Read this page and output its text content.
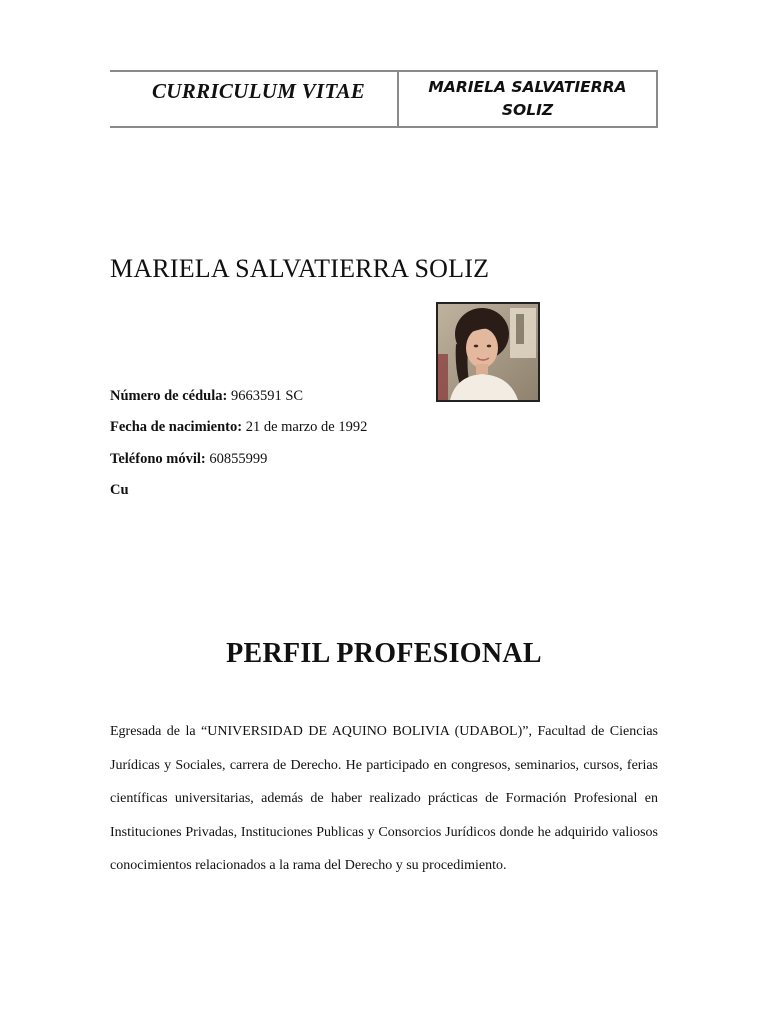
CURRICULUM VITAE	MARIELA SALVATIERRA SOLIZ
MARIELA SALVATIERRA SOLIZ
Número de cédula: 9663591 SC
Fecha de nacimiento: 21 de marzo de 1992
Teléfono móvil: 60855999
Cu
PERFIL PROFESIONAL

Egresada de la “UNIVERSIDAD DE AQUINO BOLIVIA (UDABOL)”, Facultad de Ciencias Jurídicas y Sociales, carrera de Derecho. He participado en congresos, seminarios, cursos, ferias científicas universitarias, además de haber realizado prácticas de Formación Profesional en Instituciones Privadas, Instituciones Publicas y Consorcios Jurídicos donde he adquirido valiosos conocimientos relacionados a la rama del Derecho y su procedimiento.
